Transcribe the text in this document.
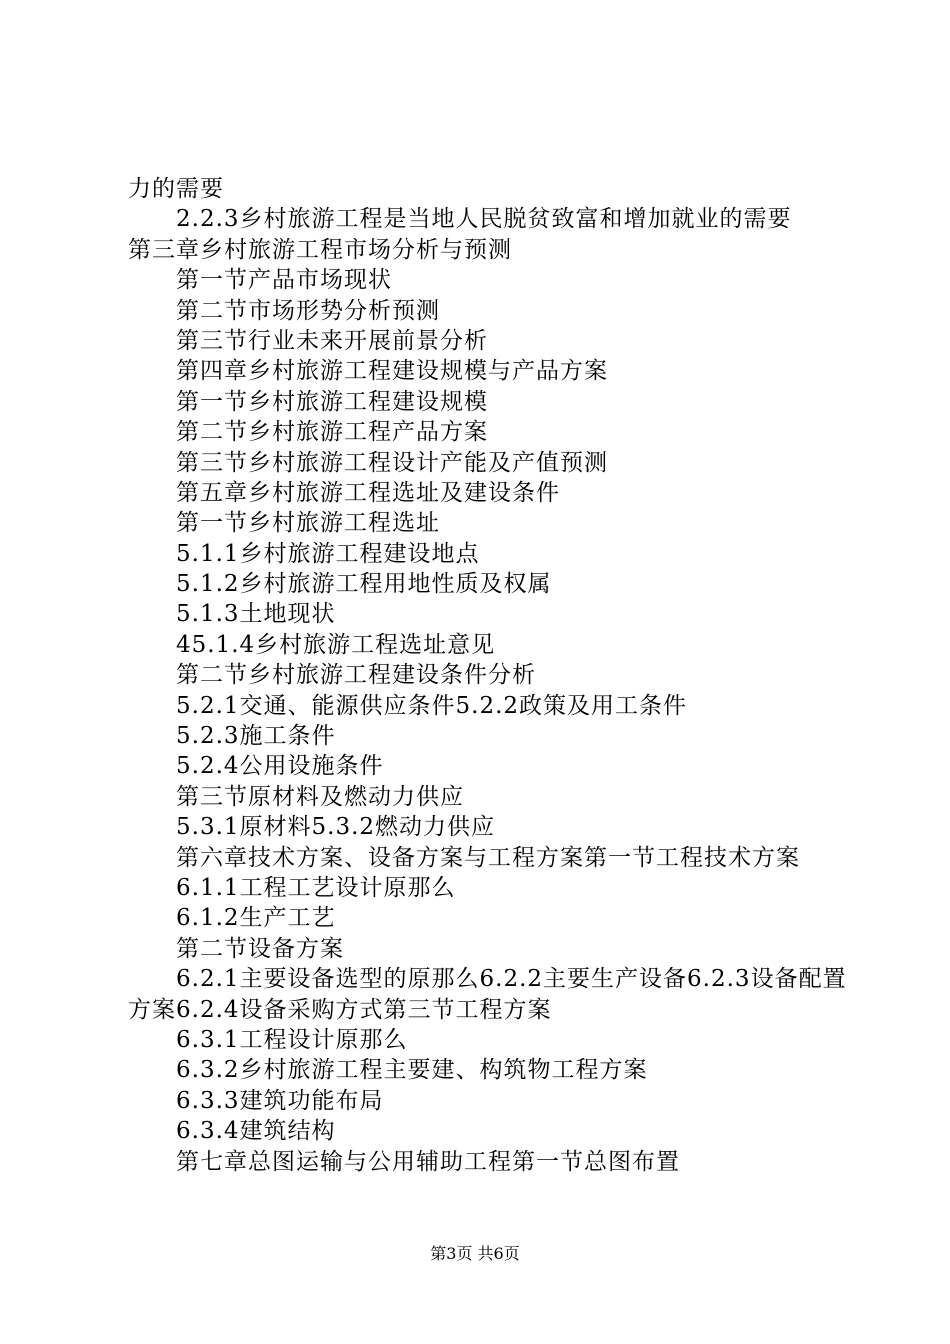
力的需要
2.2.3乡村旅游工程是当地人民脱贫致富和增加就业的需要
第三章乡村旅游工程市场分析与预测
第一节产品市场现状
第二节市场形势分析预测
第三节行业未来开展前景分析
第四章乡村旅游工程建设规模与产品方案
第一节乡村旅游工程建设规模
第二节乡村旅游工程产品方案
第三节乡村旅游工程设计产能及产值预测
第五章乡村旅游工程选址及建设条件
第一节乡村旅游工程选址
5.1.1乡村旅游工程建设地点
5.1.2乡村旅游工程用地性质及权属
5.1.3土地现状
45.1.4乡村旅游工程选址意见
第二节乡村旅游工程建设条件分析
5.2.1交通、能源供应条件5.2.2政策及用工条件
5.2.3施工条件
5.2.4公用设施条件
第三节原材料及燃动力供应
5.3.1原材料5.3.2燃动力供应
第六章技术方案、设备方案与工程方案第一节工程技术方案
6.1.1工程工艺设计原那么
6.1.2生产工艺
第二节设备方案
6.2.1主要设备选型的原那么6.2.2主要生产设备6.2.3设备配置方案6.2.4设备采购方式第三节工程方案
6.3.1工程设计原那么
6.3.2乡村旅游工程主要建、构筑物工程方案
6.3.3建筑功能布局
6.3.4建筑结构
第七章总图运输与公用辅助工程第一节总图布置
第3页 共6页
